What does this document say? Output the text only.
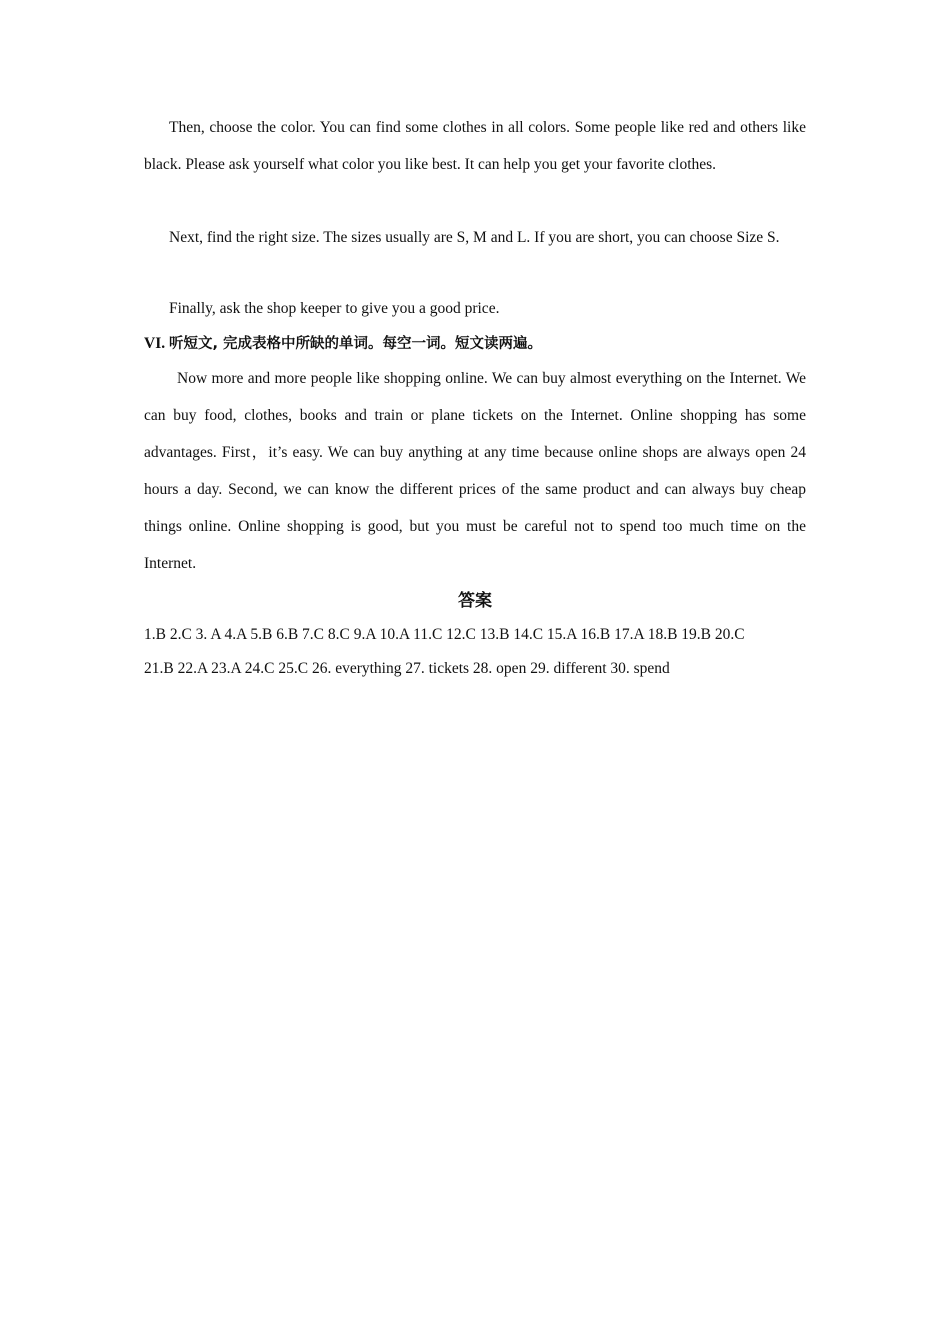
Then, choose the color. You can find some clothes in all colors. Some people like red and others like black. Please ask yourself what color you like best. It can help you get your favorite clothes.

Next, find the right size. The sizes usually are S, M and L. If you are short, you can choose Size S.

Finally, ask the shop keeper to give you a good price.

VI. 听短文, 完成表格中所缺的单词。每空一词。短文读两遍。

Now more and more people like shopping online. We can buy almost everything on the Internet. We can buy food, clothes, books and train or plane tickets on the Internet. Online shopping has some advantages. First，it’s easy. We can buy anything at any time because online shops are always open 24 hours a day. Second, we can know the different prices of the same product and can always buy cheap things online. Online shopping is good, but you must be careful not to spend too much time on the Internet.

答案

1.B 2.C 3. A 4.A 5.B 6.B 7.C 8.C 9.A 10.A 11.C 12.C 13.B 14.C 15.A 16.B 17.A 18.B 19.B 20.C
21.B 22.A 23.A 24.C 25.C 26. everything 27. tickets 28. open 29. different 30. spend
